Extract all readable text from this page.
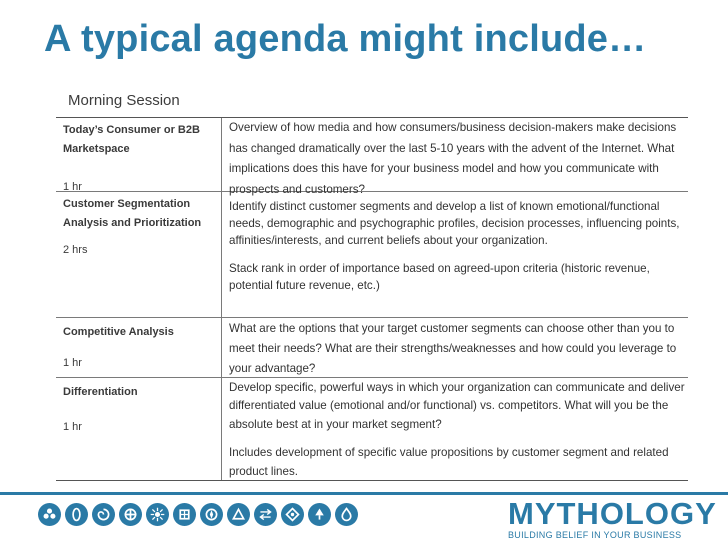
A typical agenda might include…
Morning Session
Today’s Consumer or B2B Marketspace
1 hr
Overview of how media and how consumers/business decision-makers make decisions has changed dramatically over the last 5-10 years with the advent of the Internet. What implications does this have for your business model and how you communicate with prospects and customers?
Customer Segmentation Analysis and Prioritization
2 hrs
Identify distinct customer segments and develop a list of known emotional/functional needs, demographic and psychographic profiles, decision processes, influencing points, affinities/interests, and current beliefs about your organization.
Stack rank in order of importance based on agreed-upon criteria (historic revenue, potential future revenue, etc.)
Competitive Analysis
1 hr
What are the options that your target customer segments can choose other than you to meet their needs? What are their strengths/weaknesses and how could you leverage to your advantage?
Differentiation
1 hr
Develop specific, powerful ways in which your organization can communicate and deliver differentiated value (emotional and/or functional) vs. competitors. What will you be the absolute best at in your market segment?
Includes development of specific value propositions by customer segment and related product lines.
MYTHOLOGY
BUILDING BELIEF IN YOUR BUSINESS
